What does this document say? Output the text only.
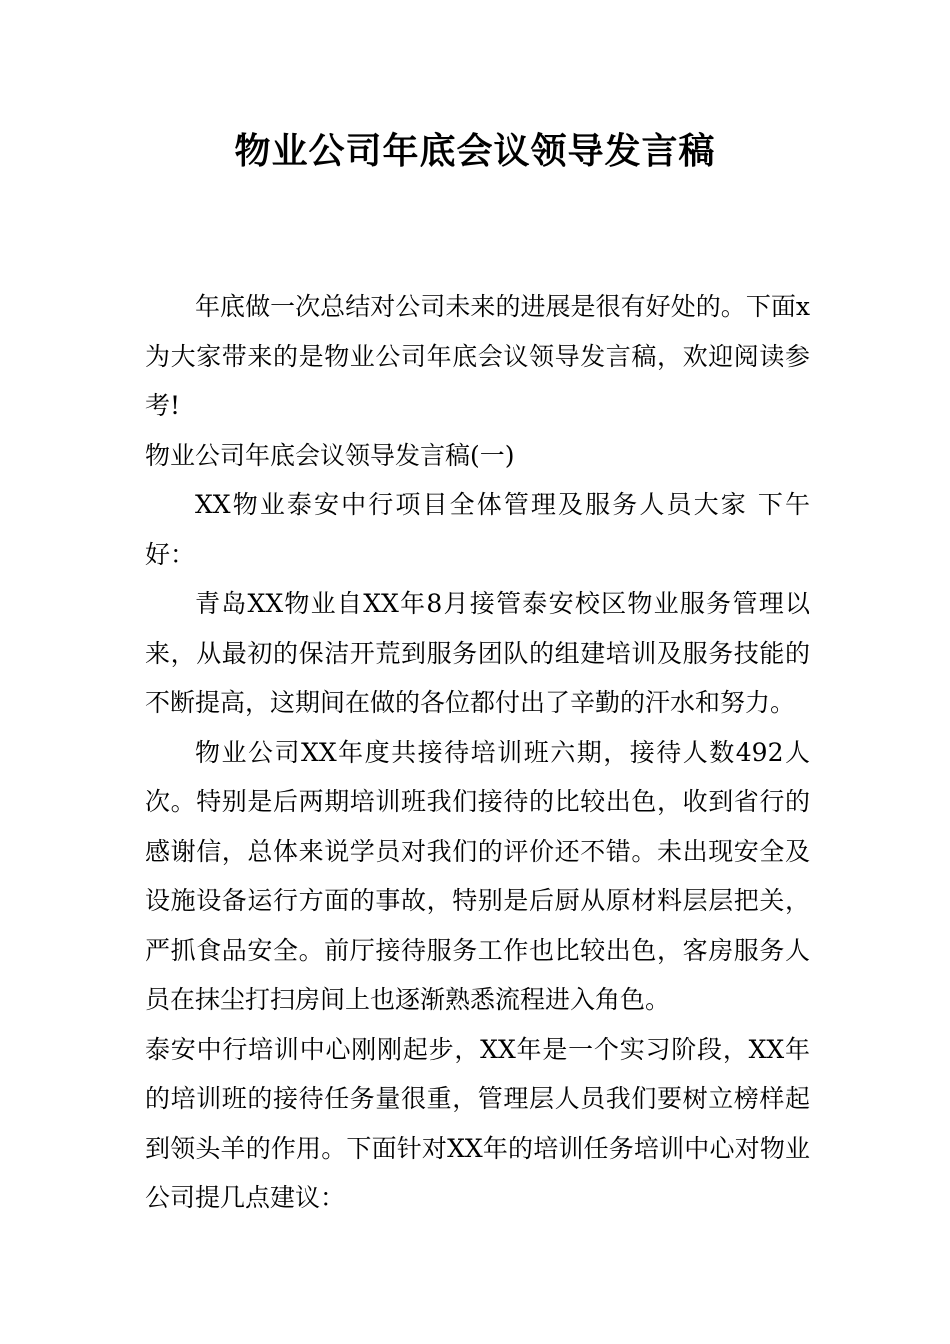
物业公司年底会议领导发言稿

年底做一次总结对公司未来的进展是很有好处的。下面x为大家带来的是物业公司年底会议领导发言稿，欢迎阅读参考!

物业公司年底会议领导发言稿(一)

XX物业泰安中行项目全体管理及服务人员大家 下午好：

青岛XX物业自XX年8月接管泰安校区物业服务管理以来，从最初的保洁开荒到服务团队的组建培训及服务技能的不断提高，这期间在做的各位都付出了辛勤的汗水和努力。

物业公司XX年度共接待培训班六期，接待人数492人次。特别是后两期培训班我们接待的比较出色，收到省行的感谢信，总体来说学员对我们的评价还不错。未出现安全及设施设备运行方面的事故，特别是后厨从原材料层层把关，严抓食品安全。前厅接待服务工作也比较出色，客房服务人员在抹尘打扫房间上也逐渐熟悉流程进入角色。

泰安中行培训中心刚刚起步，XX年是一个实习阶段，XX年的培训班的接待任务量很重，管理层人员我们要树立榜样起到领头羊的作用。下面针对XX年的培训任务培训中心对物业公司提几点建议：
